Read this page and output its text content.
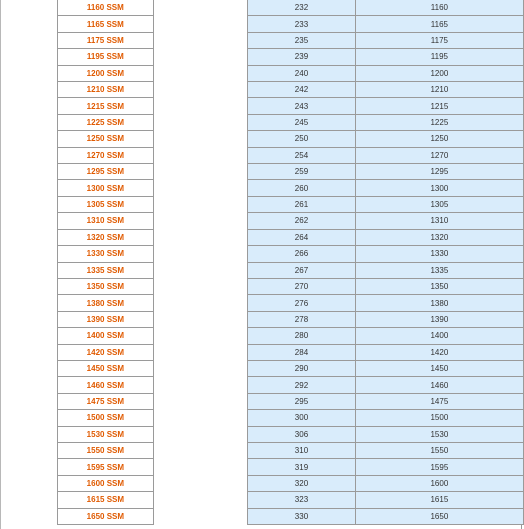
1160 SSM		232	1160
1165 SSM		233	1165
1175 SSM		235	1175
1195 SSM		239	1195
1200 SSM		240	1200
1210 SSM		242	1210
1215 SSM		243	1215
1225 SSM		245	1225
1250 SSM		250	1250
1270 SSM		254	1270
1295 SSM		259	1295
1300 SSM		260	1300
1305 SSM		261	1305
1310 SSM		262	1310
1320 SSM		264	1320
1330 SSM		266	1330
1335 SSM		267	1335
1350 SSM		270	1350
1380 SSM		276	1380
1390 SSM		278	1390
1400 SSM		280	1400
1420 SSM		284	1420
1450 SSM		290	1450
1460 SSM		292	1460
1475 SSM		295	1475
1500 SSM		300	1500
1530 SSM		306	1530
1550 SSM		310	1550
1595 SSM		319	1595
1600 SSM		320	1600
1615 SSM		323	1615
1650 SSM		330	1650
